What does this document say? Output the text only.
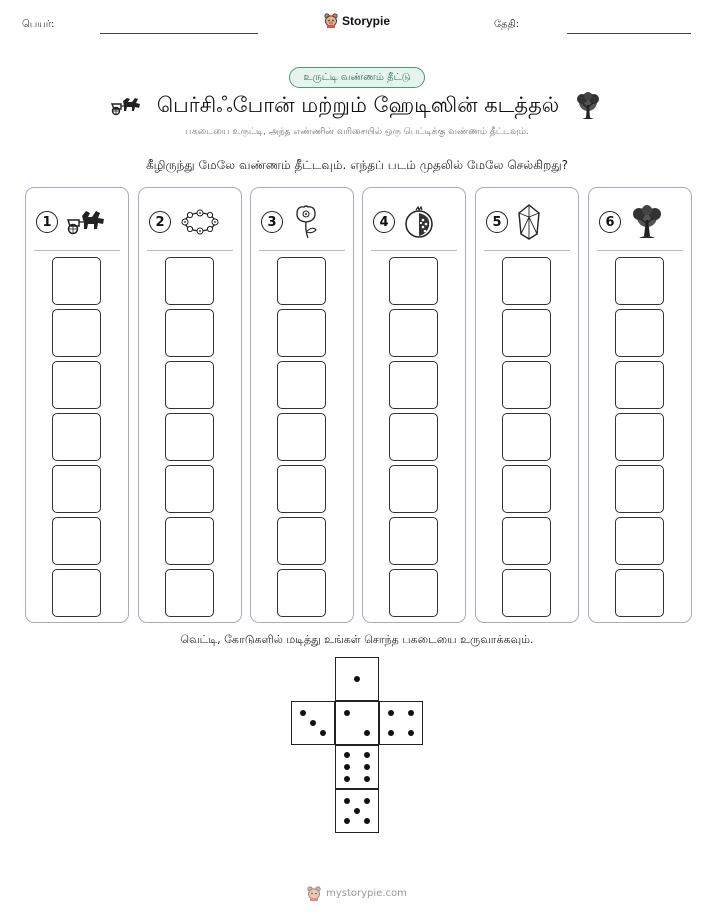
பெயர்:	தேதி:
Storypie
உருட்டி வண்ணம் தீட்டு
பெர்சிஃபோன் மற்றும் ஹேடிஸின் கடத்தல்
பகடையை உருட்டி, அந்த எண்ணின் வரிசையில் ஒரு பெட்டிக்கு வண்ணம் தீட்டவும்.
கீழிருந்து மேலே வண்ணம் தீட்டவும். எந்தப் படம் முதலில் மேலே செல்கிறது?
1	2	3	4	5	6
வெட்டி, கோடுகளில் மடித்து உங்கள் சொந்த பகடையை உருவாக்கவும்.
mystorypie.com
